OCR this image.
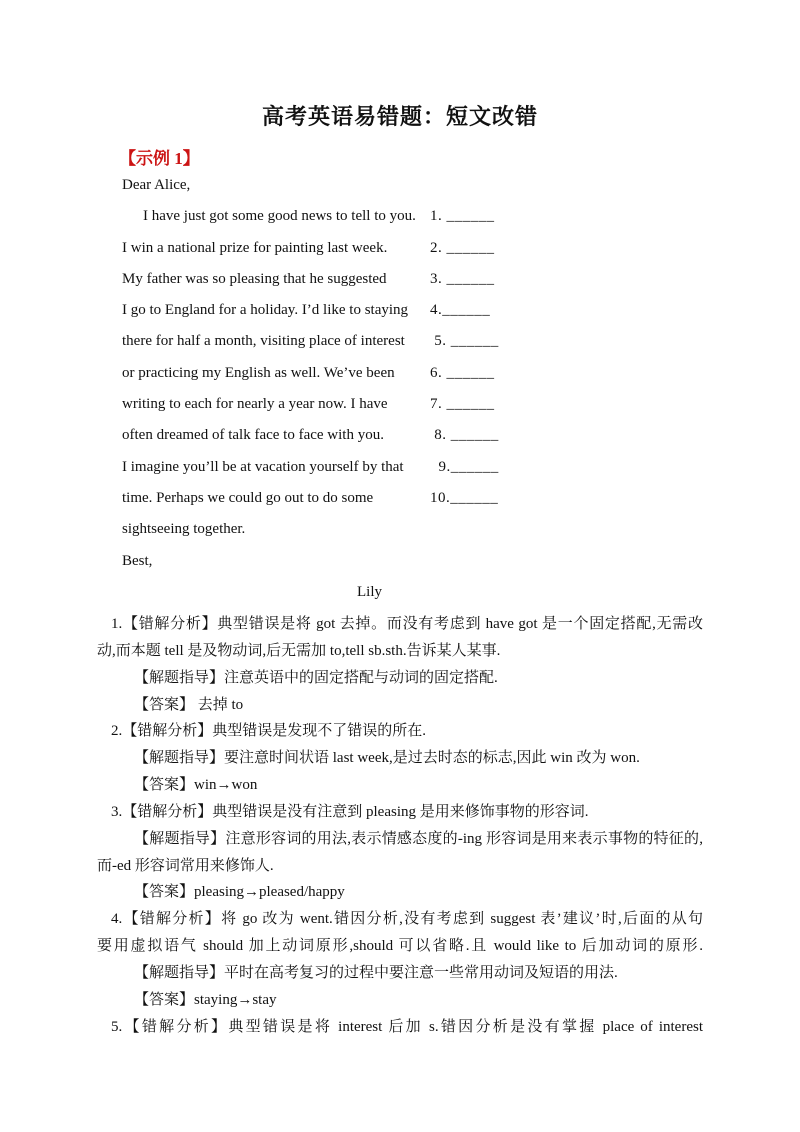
高考英语易错题：短文改错
【示例 1】
Dear Alice,
I have just got some good news to tell to you. 1. ______
I win a national prize for painting last week.	2. ______
My father was so pleasing that he suggested	3. ______
I go to England for a holiday. I’d like to staying 4.______
there for half a month, visiting place of interest 5. ______
or practicing my English as well. We’ve been 6. ______
writing to each for nearly a year now. I have	7. ______
often dreamed of talk face to face with you.	8. ______
I imagine you’ll be at vacation yourself by that 9.______
time. Perhaps we could go out to do some	10.______
sightseeing together.
Best,
Lily
1.【错解分析】典型错误是将 got 去掉。而没有考虑到 have got 是一个固定搭配,无需改
动,而本题 tell 是及物动词,后无需加 to,tell sb.sth.告诉某人某事.
【解题指导】注意英语中的固定搭配与动词的固定搭配.
【答案】 去掉 to
2.【错解分析】典型错误是发现不了错误的所在.
【解题指导】要注意时间状语 last week,是过去时态的标志,因此 win 改为 won.
【答案】win→won
3.【错解分析】典型错误是没有注意到 pleasing 是用来修饰事物的形容词.
【解题指导】注意形容词的用法,表示情感态度的-ing 形容词是用来表示事物的特征的,
而-ed 形容词常用来修饰人.
【答案】pleasing→pleased/happy
4.【错解分析】将 go 改为 went.错因分析,没有考虑到 suggest 表’建议’时,后面的从句
要用虚拟语气 should 加上动词原形,should 可以省略.且 would like to 后加动词的原形.
【解题指导】平时在高考复习的过程中要注意一些常用动词及短语的用法.
【答案】staying→stay
5.【错解分析】典型错误是将 interest 后加 s.错因分析是没有掌握 place of interest
